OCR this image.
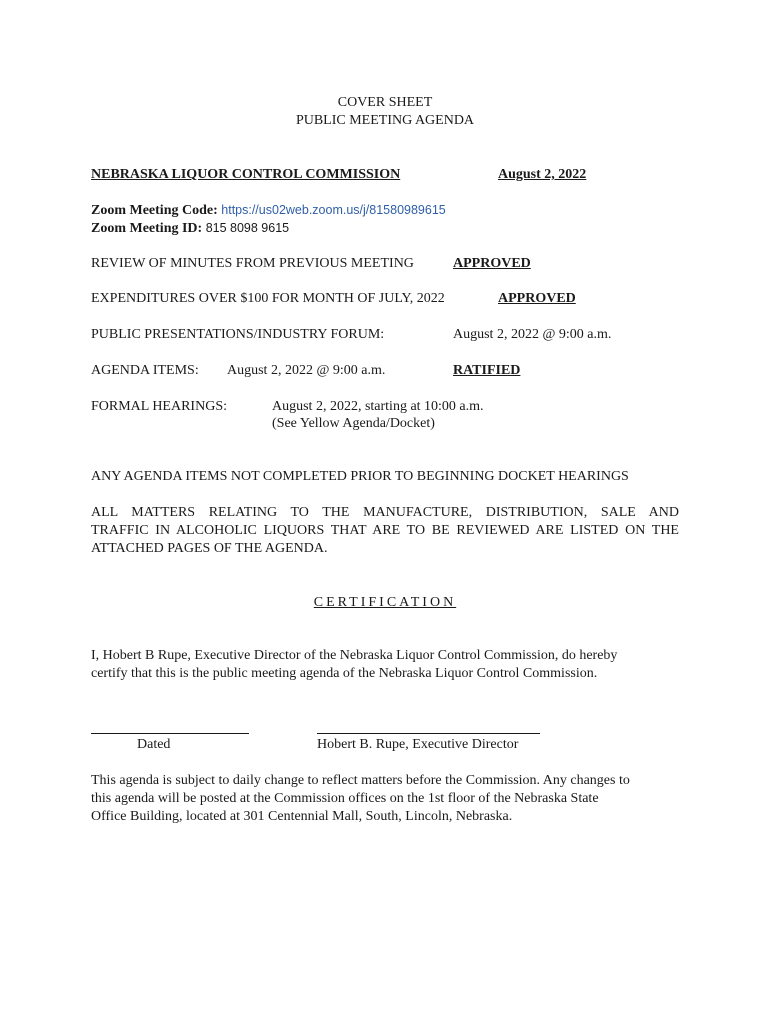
COVER SHEET
PUBLIC MEETING AGENDA
NEBRASKA LIQUOR CONTROL COMMISSION	August 2, 2022
Zoom Meeting Code: https://us02web.zoom.us/j/81580989615
Zoom Meeting ID: 815 8098 9615
REVIEW OF MINUTES FROM PREVIOUS MEETING	APPROVED
EXPENDITURES OVER $100 FOR MONTH OF JULY, 2022	APPROVED
PUBLIC PRESENTATIONS/INDUSTRY FORUM:	August 2, 2022 @ 9:00 a.m.
AGENDA ITEMS: August 2, 2022 @ 9:00 a.m.	RATIFIED
FORMAL HEARINGS:	August 2, 2022, starting at 10:00 a.m.
(See Yellow Agenda/Docket)
ANY AGENDA ITEMS NOT COMPLETED PRIOR TO BEGINNING DOCKET HEARINGS
ALL MATTERS RELATING TO THE MANUFACTURE, DISTRIBUTION, SALE AND
TRAFFIC IN ALCOHOLIC LIQUORS THAT ARE TO BE REVIEWED ARE LISTED ON THE
ATTACHED PAGES OF THE AGENDA.
CERTIFICATION
I, Hobert B Rupe, Executive Director of the Nebraska Liquor Control Commission, do hereby
certify that this is the public meeting agenda of the Nebraska Liquor Control Commission.
Dated	Hobert B. Rupe, Executive Director
This agenda is subject to daily change to reflect matters before the Commission. Any changes to
this agenda will be posted at the Commission offices on the 1st floor of the Nebraska State
Office Building, located at 301 Centennial Mall, South, Lincoln, Nebraska.
